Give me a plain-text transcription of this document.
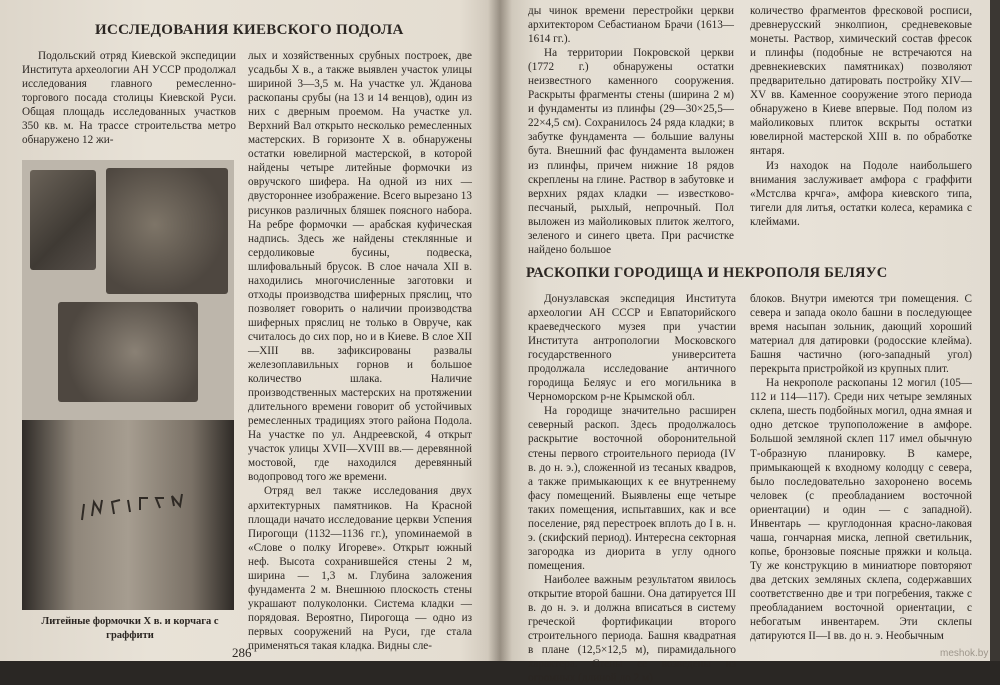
ИССЛЕДОВАНИЯ КИЕВСКОГО ПОДОЛА

Подольский отряд Киевской экспедиции Института археологии АН УССР продолжал исследования главного ремесленно-торгового посада столицы Киевской Руси. Общая площадь исследованных участков 350 кв. м. На трассе строительства метро обнаружено 12 жи-

Литейные формочки X в. и корчага с граффити

лых и хозяйственных срубных построек, две усадьбы X в., а также выявлен участок улицы шириной 3—3,5 м. На участке ул. Жданова раскопаны срубы (на 13 и 14 венцов), один из них с дверным проемом. На участке ул. Верхний Вал открыто несколько ремесленных мастерских. В горизонте X в. обнаружены остатки ювелирной мастерской, в которой найдены четыре литейные формочки из овручского шифера. На одной из них — двустороннее изображение. Всего вырезано 13 рисунков различных бляшек поясного набора. На ребре формочки — арабская куфическая надпись. Здесь же найдены стеклянные и сердоликовые бусины, подвеска, шлифовальный брусок. В слое начала XII в. находились многочисленные заготовки и отходы производства шиферных пряслиц, что позволяет говорить о наличии производства шиферных пряслиц не только в Овруче, как считалось до сих пор, но и в Киеве. В слое XII—XIII вв. зафиксированы развалы железоплавильных горнов и большое количество шлака. Наличие производственных мастерских на протяжении длительного времени говорит об устойчивых ремесленных традициях этого района Подола. На участке по ул. Андреевской, 4 открыт участок улицы XVII—XVIII вв.— деревянной мостовой, где находился деревянный водопровод того же времени.

Отряд вел также исследования двух архитектурных памятников. На Красной площади начато исследование церкви Успения Пирогощи (1132—1136 гг.), упоминаемой в «Слове о полку Игореве». Открыт южный неф. Высота сохранившейся стены 2 м, ширина — 1,3 м. Глубина заложения фундамента 2 м. Внешнюю плоскость стены украшают полуколонки. Система кладки — порядовая. Вероятно, Пирогоща — одно из первых сооружений на Руси, где стала применяться такая кладка. Видны сле-

286

ды чинок времени перестройки церкви архитектором Себастианом Брачи (1613—1614 гг.).

На территории Покровской церкви (1772 г.) обнаружены остатки неизвестного каменного сооружения. Раскрыты фрагменты стены (ширина 2 м) и фундаменты из плинфы (29—30×25,5—22×4,5 см). Сохранилось 24 ряда кладки; в забутке фундамента — большие валуны бута. Внешний фас фундамента выложен из плинфы, причем нижние 18 рядов скреплены на глине. Раствор в забутовке и верхних рядах кладки — известково-песчаный, рыхлый, непрочный. Пол выложен из майоликовых плиток желтого, зеленого и синего цвета. При расчистке найдено большое

количество фрагментов фресковой росписи, древнерусский энколпион, средневековые монеты. Раствор, химический состав фресок и плинфы (подобные не встречаются на древнекиевских памятниках) позволяют предварительно датировать постройку XIV—XV вв. Каменное сооружение этого периода обнаружено в Киеве впервые. Под полом из майоликовых плиток вскрыты остатки ювелирной мастерской XIII в. по обработке янтаря.

Из находок на Подоле наибольшего внимания заслуживает амфора с граффити «Мстслва крчга», амфора киевского типа, тигели для литья, остатки колеса, керамика с клеймами.

РАСКОПКИ ГОРОДИЩА И НЕКРОПОЛЯ БЕЛЯУС

Донузлавская экспедиция Института археологии АН СССР и Евпаторийского краеведческого музея при участии Института антропологии Московского государственного университета продолжала исследование античного городища Беляус и его могильника в Черноморском р-не Крымской обл.

На городище значительно расширен северный раскоп. Здесь продолжалось раскрытие восточной оборонительной стены первого строительного периода (IV в. до н. э.), сложенной из тесаных квадров, а также примыкающих к ее внутреннему фасу помещений. Выявлены еще четыре таких помещения, испытавших, как и все поселение, ряд перестроек вплоть до I в. н. э. (скифский период). Интересна секторная загородка из диорита в углу одного помещения.

Наиболее важным результатом явилось открытие второй башни. Она датируется III в. до н. э. и должна вписаться в систему греческой фортификации второго строительного периода. Башня квадратная в плане (12,5×12,5 м), пирамидального характера. Стены ее возведены из огромных (длиной до 2 м)

блоков. Внутри имеются три помещения. С севера и запада около башни в последующее время насыпан зольник, дающий хороший материал для датировки (родосские клейма). Башня частично (юго-западный угол) перекрыта пристройкой из крупных плит.

На некрополе раскопаны 12 могил (105—112 и 114—117). Среди них четыре земляных склепа, шесть подбойных могил, одна ямная и одно детское трупоположение в амфоре. Большой земляной склеп 117 имел обычную Т-образную планировку. В камере, примыкающей к входному колодцу с севера, было последовательно захоронено восемь человек (с преобладанием восточной ориентации) и один — с западной). Инвентарь — круглодонная красно-лаковая чаша, гончарная миска, лепной светильник, копье, бронзовые поясные пряжки и кольца. Ту же конструкцию в миниатюре повторяют два детских земляных склепа, содержавших соответственно две и три погребения, также с преобладанием восточной ориентации, с небогатым инвентарем. Эти склепы датируются II—I вв. до н. э. Необычным

meshok.by
